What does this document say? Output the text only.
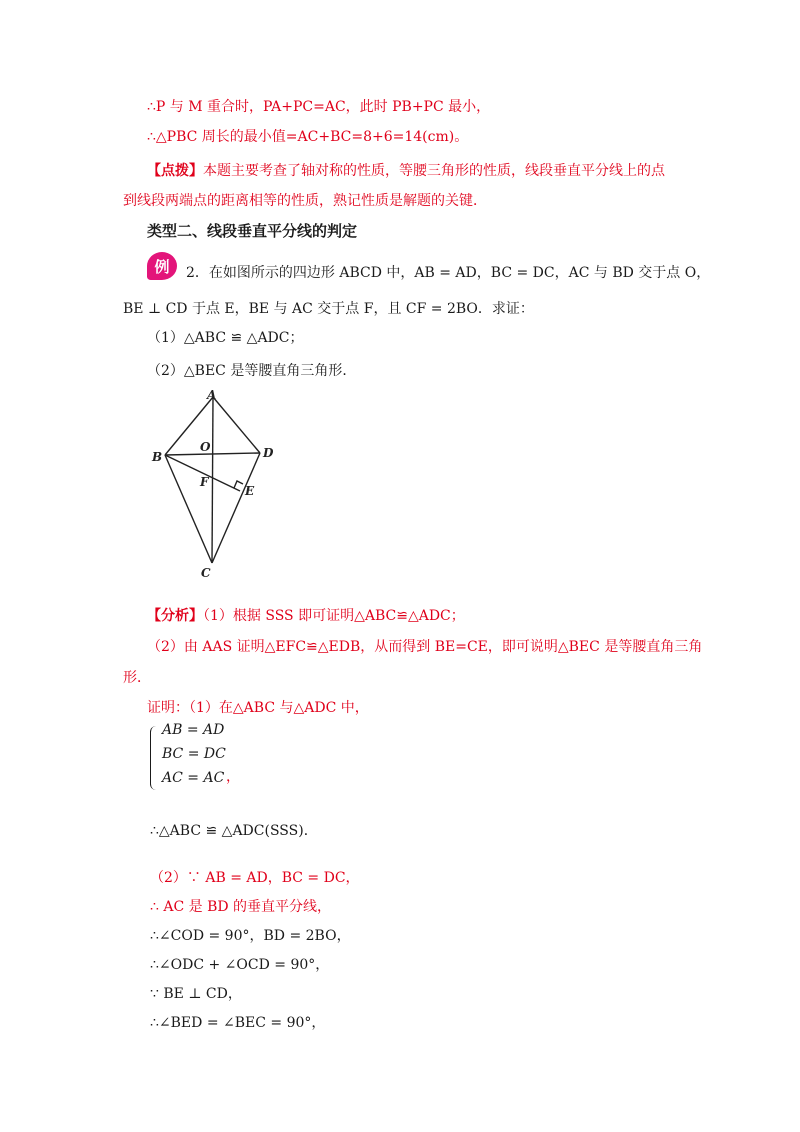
∴P 与 M 重合时，PA+PC=AC，此时 PB+PC 最小，
∴△PBC 周长的最小值=AC+BC=8+6=14(cm)。
【点拨】本题主要考查了轴对称的性质，等腰三角形的性质，线段垂直平分线上的点
到线段两端点的距离相等的性质，熟记性质是解题的关键．
类型二、线段垂直平分线的判定
例	2．在如图所示的四边形 ABCD 中，AB = AD，BC = DC，AC 与 BD 交于点 O，
BE ⊥ CD 于点 E，BE 与 AC 交于点 F，且 CF = 2BO．求证：
（1）△ABC ≌ △ADC；
（2）△BEC 是等腰直角三角形．
A
B
C
D
O
F
E
【分析】（1）根据 SSS 即可证明△ABC≌△ADC；
（2）由 AAS 证明△EFC≌△EDB，从而得到 BE=CE，即可说明△BEC 是等腰直角三角
形．
证明：（1）在△ABC 与△ADC 中，
AB = AD
BC = DC
AC = AC ，
∴△ABC ≌ △ADC(SSS)．
（2）∵ AB = AD，BC = DC，
∴ AC 是 BD 的垂直平分线，
∴∠COD = 90°，BD = 2BO，
∴∠ODC + ∠OCD = 90°，
∵ BE ⊥ CD，
∴∠BED = ∠BEC = 90°，
